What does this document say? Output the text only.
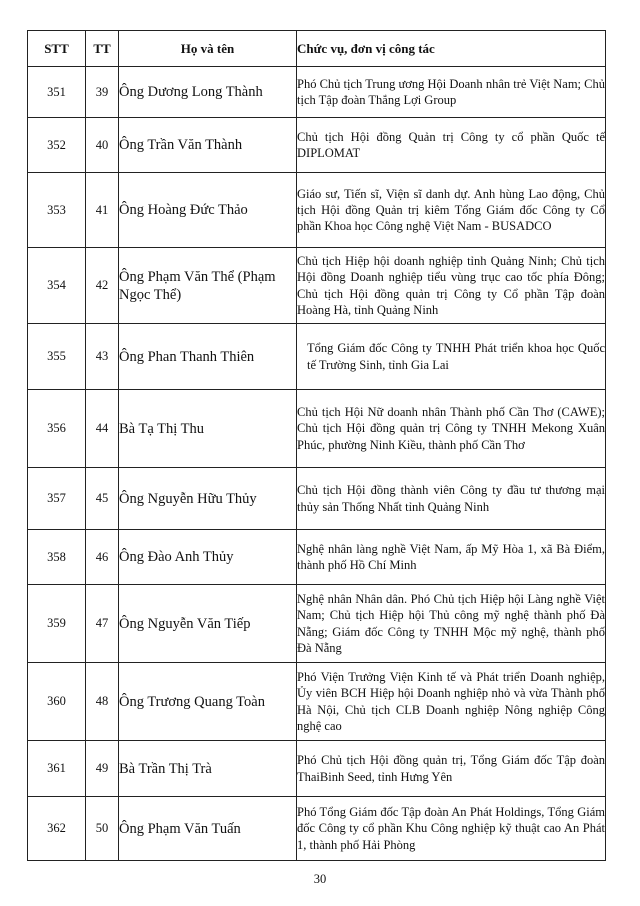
STT	TT	Họ và tên	Chức vụ, đơn vị công tác
351	39	Ông Dương Long Thành	Phó Chủ tịch Trung ương Hội Doanh nhân trẻ Việt Nam; Chủ tịch Tập đoàn Thắng Lợi Group
352	40	Ông Trần Văn Thành	Chủ tịch Hội đồng Quản trị Công ty cổ phần Quốc tế DIPLOMAT
353	41	Ông Hoàng Đức Thảo	Giáo sư, Tiến sĩ, Viện sĩ danh dự. Anh hùng Lao động, Chủ tịch Hội đồng Quản trị kiêm Tổng Giám đốc Công ty Cổ phần Khoa học Công nghệ Việt Nam - BUSADCO
354	42	Ông Phạm Văn Thể (Phạm Ngọc Thể)	Chủ tịch Hiệp hội doanh nghiệp tỉnh Quảng Ninh; Chủ tịch Hội đồng Doanh nghiệp tiểu vùng trục cao tốc phía Đông; Chủ tịch Hội đồng quản trị Công ty Cổ phần Tập đoàn Hoàng Hà, tỉnh Quảng Ninh
355	43	Ông Phan Thanh Thiên	Tổng Giám đốc Công ty TNHH Phát triển khoa học Quốc tế Trường Sinh, tỉnh Gia Lai
356	44	Bà Tạ Thị Thu	Chủ tịch Hội Nữ doanh nhân Thành phố Cần Thơ (CAWE); Chủ tịch Hội đồng quản trị Công ty TNHH Mekong Xuân Phúc, phường Ninh Kiều, thành phố Cần Thơ
357	45	Ông Nguyễn Hữu Thủy	Chủ tịch Hội đồng thành viên Công ty đầu tư thương mại thủy sản Thống Nhất tỉnh Quảng Ninh
358	46	Ông Đào Anh Thủy	Nghệ nhân làng nghề Việt Nam, ấp Mỹ Hòa 1, xã Bà Điểm, thành phố Hồ Chí Minh
359	47	Ông Nguyễn Văn Tiếp	Nghệ nhân Nhân dân. Phó Chủ tịch Hiệp hội Làng nghề Việt Nam; Chủ tịch Hiệp hội Thủ công mỹ nghệ thành phố Đà Nẵng; Giám đốc Công ty TNHH Mộc mỹ nghệ, thành phố Đà Nẵng
360	48	Ông Trương Quang Toàn	Phó Viện Trưởng Viện Kinh tế và Phát triển Doanh nghiệp, Ủy viên BCH Hiệp hội Doanh nghiệp nhỏ và vừa Thành phố Hà Nội, Chủ tịch CLB Doanh nghiệp Nông nghiệp Công nghệ cao
361	49	Bà Trần Thị Trà	Phó Chủ tịch Hội đồng quản trị, Tổng Giám đốc Tập đoàn ThaiBinh Seed, tỉnh Hưng Yên
362	50	Ông Phạm Văn Tuấn	Phó Tổng Giám đốc Tập đoàn An Phát Holdings, Tổng Giám đốc Công ty cổ phần Khu Công nghiệp kỹ thuật cao An Phát 1, thành phố Hải Phòng
30
